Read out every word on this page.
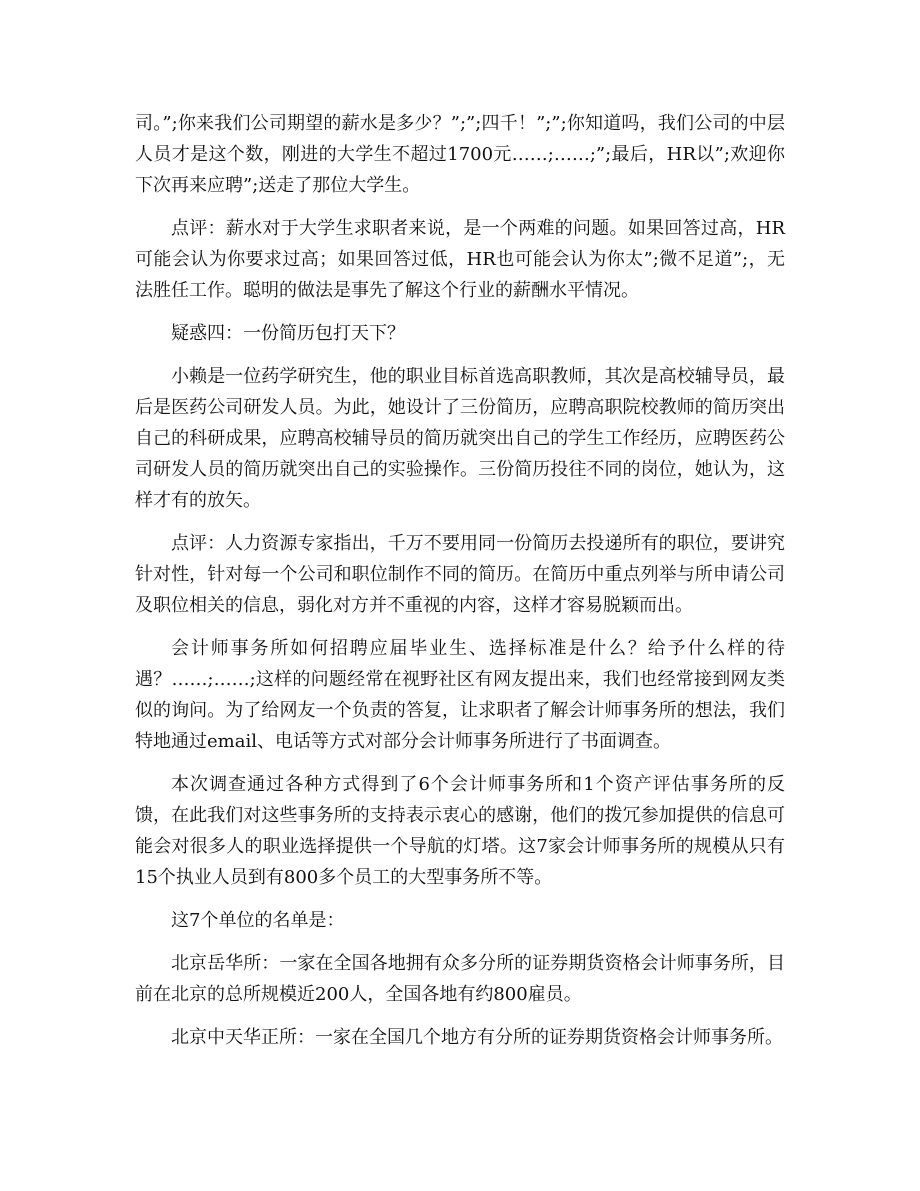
司。”;你来我们公司期望的薪水是多少？”;”;四千！”;”;你知道吗，我们公司的中层人员才是这个数，刚进的大学生不超过1700元……;……;”;最后，HR以”;欢迎你下次再来应聘”;送走了那位大学生。

点评：薪水对于大学生求职者来说，是一个两难的问题。如果回答过高，HR可能会认为你要求过高；如果回答过低，HR也可能会认为你太”;微不足道”;，无法胜任工作。聪明的做法是事先了解这个行业的薪酬水平情况。

疑惑四：一份简历包打天下？

小赖是一位药学研究生，他的职业目标首选高职教师，其次是高校辅导员，最后是医药公司研发人员。为此，她设计了三份简历，应聘高职院校教师的简历突出自己的科研成果，应聘高校辅导员的简历就突出自己的学生工作经历，应聘医药公司研发人员的简历就突出自己的实验操作。三份简历投往不同的岗位，她认为，这样才有的放矢。

点评：人力资源专家指出，千万不要用同一份简历去投递所有的职位，要讲究针对性，针对每一个公司和职位制作不同的简历。在简历中重点列举与所申请公司及职位相关的信息，弱化对方并不重视的内容，这样才容易脱颖而出。

会计师事务所如何招聘应届毕业生、选择标准是什么？给予什么样的待遇？……;……;这样的问题经常在视野社区有网友提出来，我们也经常接到网友类似的询问。为了给网友一个负责的答复，让求职者了解会计师事务所的想法，我们特地通过email、电话等方式对部分会计师事务所进行了书面调查。

本次调查通过各种方式得到了6个会计师事务所和1个资产评估事务所的反馈，在此我们对这些事务所的支持表示衷心的感谢，他们的拨冗参加提供的信息可能会对很多人的职业选择提供一个导航的灯塔。这7家会计师事务所的规模从只有15个执业人员到有800多个员工的大型事务所不等。

这7个单位的名单是：

北京岳华所：一家在全国各地拥有众多分所的证券期货资格会计师事务所，目前在北京的总所规模近200人，全国各地有约800雇员。

北京中天华正所：一家在全国几个地方有分所的证券期货资格会计师事务所。
